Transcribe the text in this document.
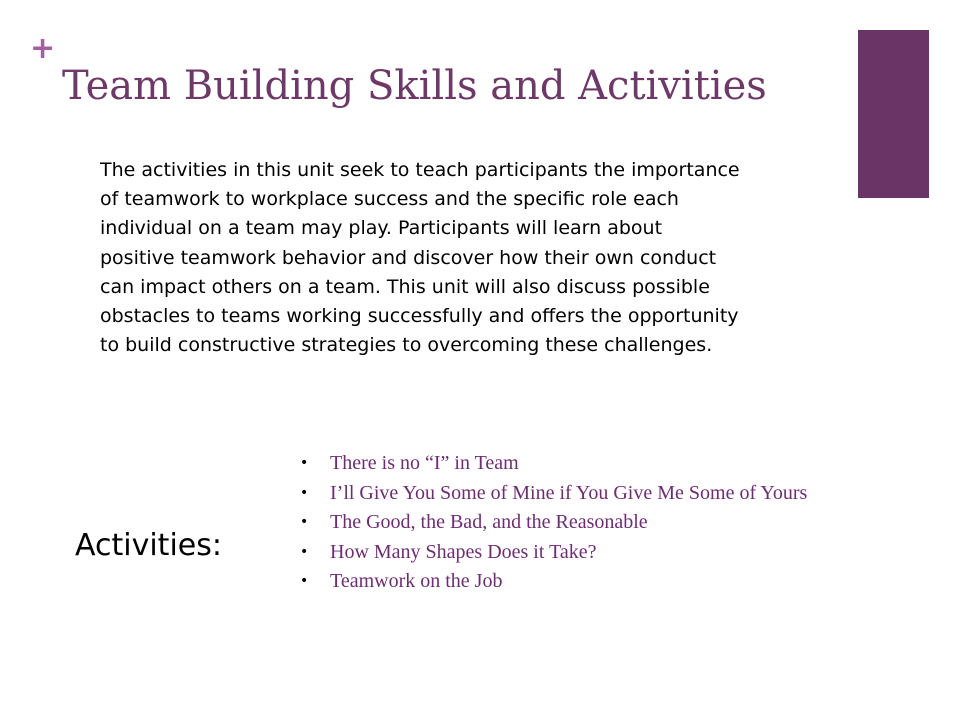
+
Team Building Skills and Activities
The activities in this unit seek to teach participants the importance
of teamwork to workplace success and the specific role each
individual on a team may play. Participants will learn about
positive teamwork behavior and discover how their own conduct
can impact others on a team. This unit will also discuss possible
obstacles to teams working successfully and offers the opportunity
to build constructive strategies to overcoming these challenges.
Activities:
• There is no “I” in Team
• I’ll Give You Some of Mine if You Give Me Some of Yours
• The Good, the Bad, and the Reasonable
• How Many Shapes Does it Take?
• Teamwork on the Job
